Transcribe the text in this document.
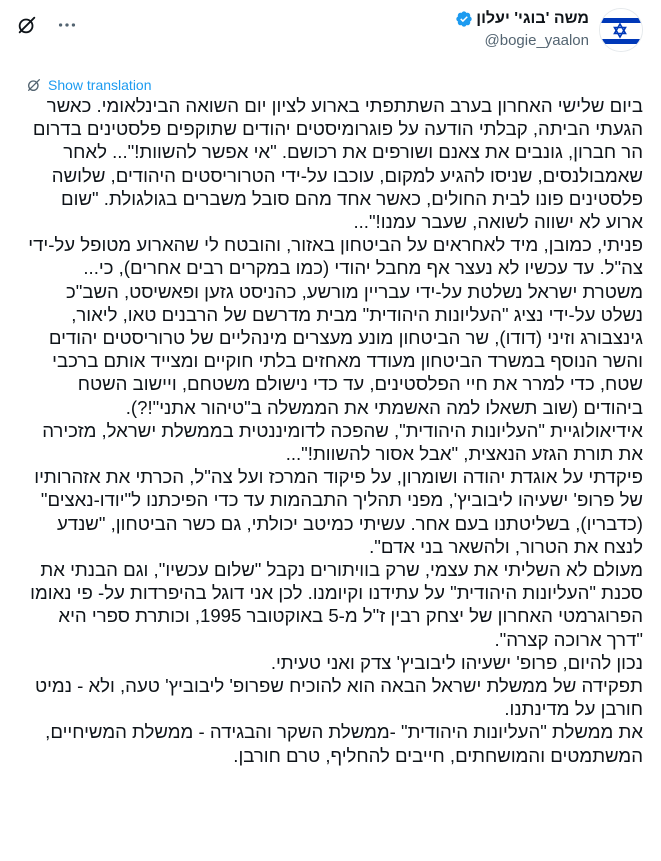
משה 'בוגי' יעלון
@bogie_yaalon
Show translation
ביום שלישי האחרון בערב השתתפתי בארוע לציון יום השואה הבינלאומי. כאשר הגעתי הביתה, קבלתי הודעה על פוגרומיסטים יהודים שתוקפים פלסטינים בדרום הר חברון, גונבים את צאנם ושורפים את רכושם. "אי אפשר להשוות!"... לאחר שאמבולנסים, שניסו להגיע למקום, עוכבו על-ידי הטרוריסטים היהודים, שלושה פלסטינים פונו לבית החולים, כאשר אחד מהם סובל משברים בגולגולת. "שום ארוע לא ישווה לשואה, שעבר עמנו!"...
פניתי, כמובן, מיד לאחראים על הביטחון באזור, והובטח לי שהארוע מטופל על-ידי צה"ל. עד עכשיו לא נעצר אף מחבל יהודי (כמו במקרים רבים אחרים), כי...
משטרת ישראל נשלטת על-ידי עבריין מורשע, כהניסט גזען ופאשיסט, השב"כ נשלט על-ידי נציג "העליונות היהודית" מבית מדרשם של הרבנים טאו, ליאור, גינצבורג וזיני (דודו), שר הביטחון מונע מעצרים מינהליים של טרוריסטים יהודים והשר הנוסף במשרד הביטחון מעודד מאחזים בלתי חוקיים ומצייד אותם ברכבי שטח, כדי למרר את חיי הפלסטינים, עד כדי נישולם משטחם, ויישוב השטח ביהודים (שוב תשאלו למה האשמתי את הממשלה ב"טיהור אתני"!?).
אידיאולוגיית "העליונות היהודית", שהפכה לדומיננטית בממשלת ישראל, מזכירה את תורת הגזע הנאצית, "אבל אסור להשוות!"...
פיקדתי על אוגדת יהודה ושומרון, על פיקוד המרכז ועל צה"ל, הכרתי את אזהרותיו של פרופ' ישעיהו ליבוביץ', מפני תהליך התבהמות עד כדי הפיכתנו ל"יודו-נאצים" (כדבריו), בשליטתנו בעם אחר. עשיתי כמיטב יכולתי, גם כשר הביטחון, "שנדע לנצח את הטרור, ולהשאר בני אדם".
מעולם לא השליתי את עצמי, שרק בוויתורים נקבל "שלום עכשיו", וגם הבנתי את סכנת "העליונות היהודית" על עתידנו וקיומנו. לכן אני דוגל בהיפרדות על- פי נאומו הפרוגרמטי האחרון של יצחק רבין ז"ל מ-5 באוקטובר 1995, וכותרת ספרי היא "דרך ארוכה קצרה".
נכון להיום, פרופ' ישעיהו ליבוביץ' צדק ואני טעיתי.
תפקידה של ממשלת ישראל הבאה הוא להוכיח שפרופ' ליבוביץ' טעה, ולא - נמיט חורבן על מדינתנו.
את ממשלת "העליונות היהודית" -ממשלת השקר והבגידה - ממשלת המשיחיים, המשתמטים והמושחתים, חייבים להחליף, טרם חורבן.
